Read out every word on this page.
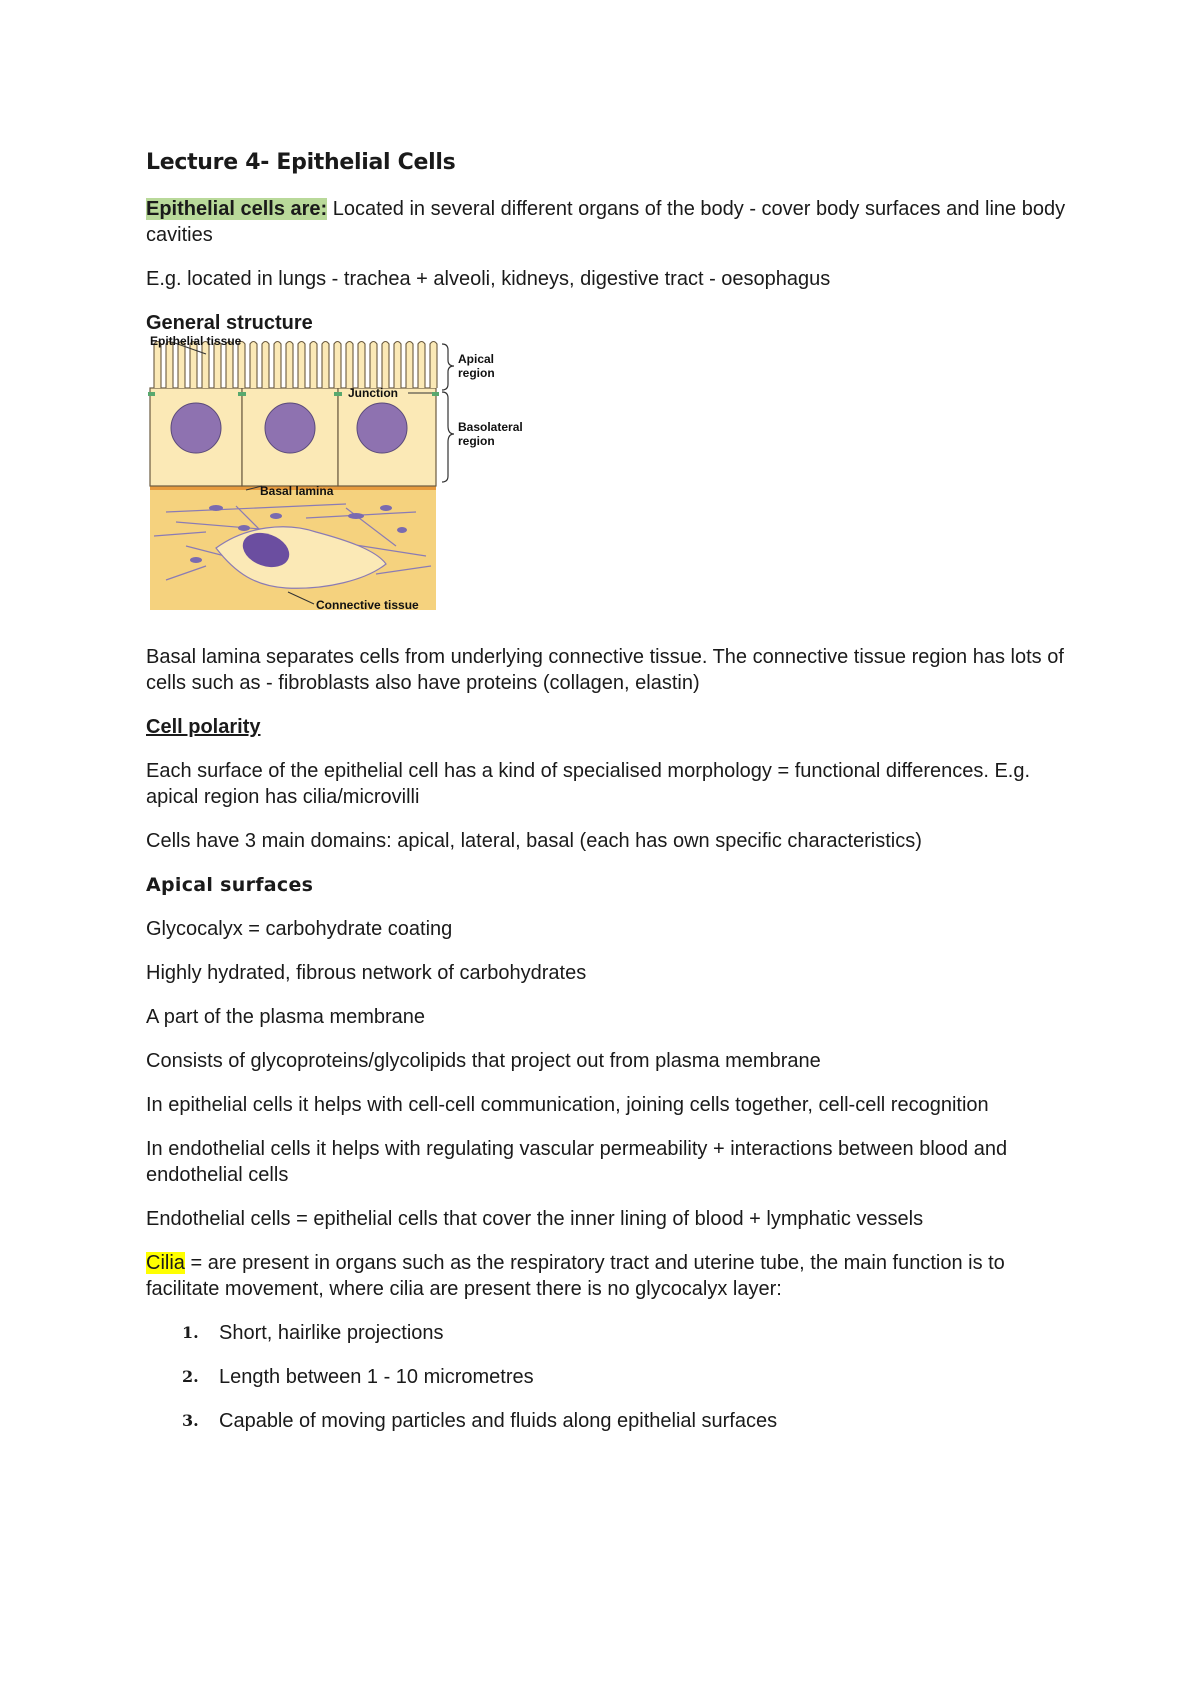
Lecture 4- Epithelial Cells

Epithelial cells are: Located in several different organs of the body - cover body surfaces and line body cavities

E.g. located in lungs - trachea + alveoli, kidneys, digestive tract - oesophagus

General structure

Epithelial tissue
Apical
region
Junction
Basolateral
region
Basal lamina
Connective tissue

Basal lamina separates cells from underlying connective tissue. The connective tissue region has lots of cells such as - fibroblasts also have proteins (collagen, elastin)

Cell polarity

Each surface of the epithelial cell has a kind of specialised morphology = functional differences. E.g. apical region has cilia/microvilli

Cells have 3 main domains: apical, lateral, basal (each has own specific characteristics)

Apical surfaces

Glycocalyx = carbohydrate coating

Highly hydrated, fibrous network of carbohydrates

A part of the plasma membrane

Consists of glycoproteins/glycolipids that project out from plasma membrane

In epithelial cells it helps with cell-cell communication, joining cells together, cell-cell recognition

In endothelial cells it helps with regulating vascular permeability + interactions between blood and endothelial cells

Endothelial cells = epithelial cells that cover the inner lining of blood + lymphatic vessels

Cilia = are present in organs such as the respiratory tract and uterine tube, the main function is to facilitate movement, where cilia are present there is no glycocalyx layer:

1. Short, hairlike projections
2. Length between 1 - 10 micrometres
3. Capable of moving particles and fluids along epithelial surfaces
